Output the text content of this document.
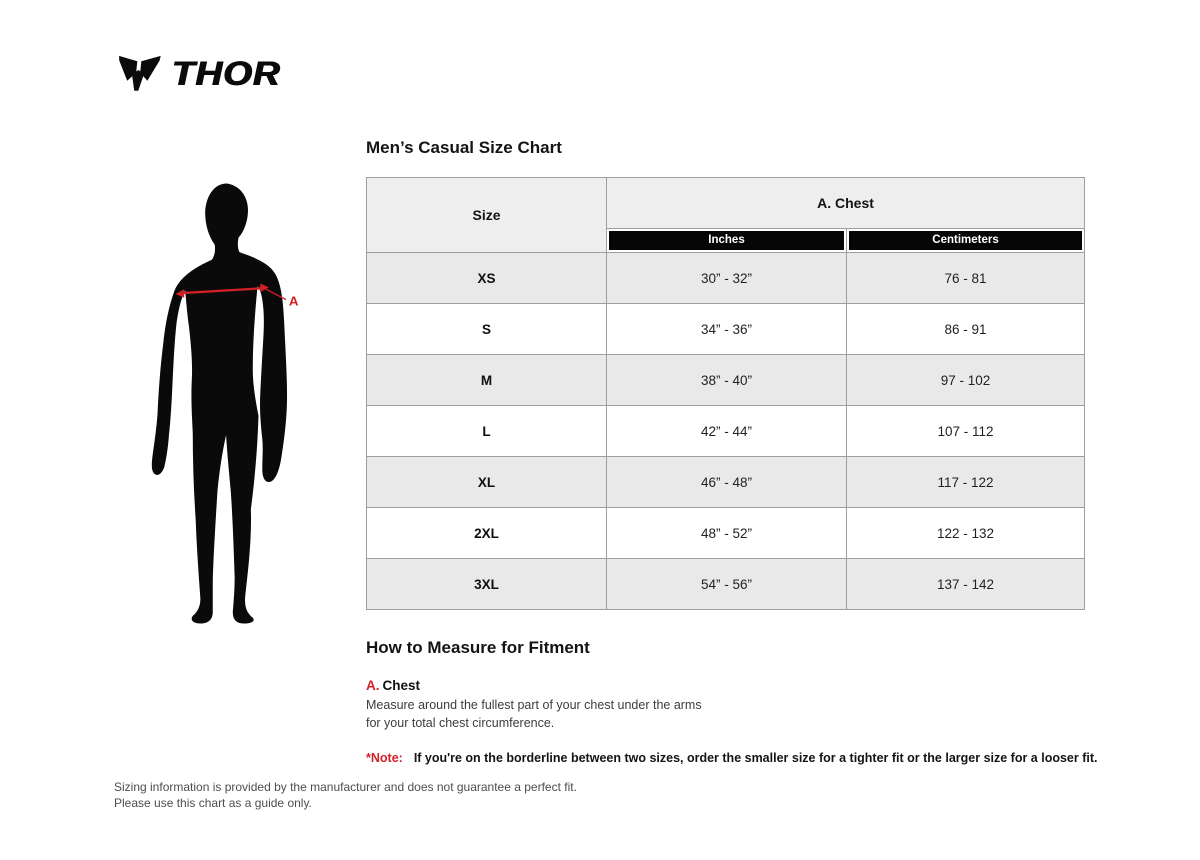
THOR
A
Men’s Casual Size Chart
Size	A. Chest	

	Inches	Centimeters

XS	30” - 32”	76 - 81
S	34” - 36”	86 - 91
M	38” - 40”	97 - 102
L	42” - 44”	107 - 112
XL	46” - 48”	117 - 122
2XL	48” - 52”	122 - 132
3XL	54” - 56”	137 - 142
How to Measure for Fitment
A. Chest
Measure around the fullest part of your chest under the arms for your total chest circumference.
*Note: If you're on the borderline between two sizes, order the smaller size for a tighter fit or the larger size for a looser fit.
Sizing information is provided by the manufacturer and does not guarantee a perfect fit.
Please use this chart as a guide only.
